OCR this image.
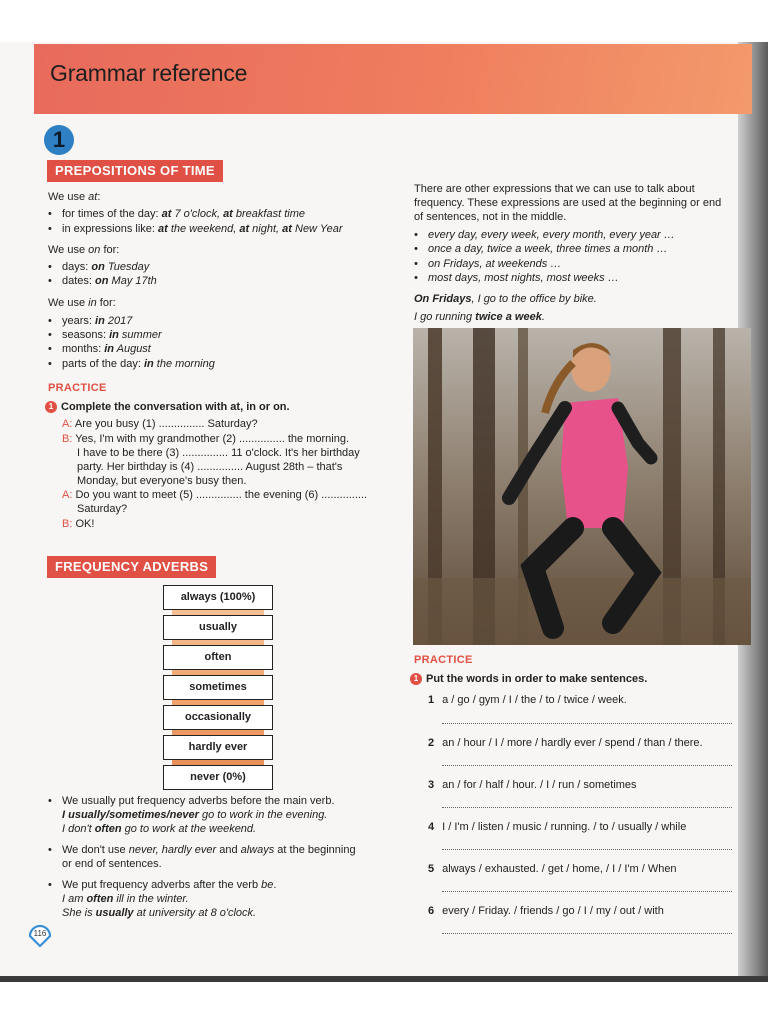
Grammar reference
1
PREPOSITIONS OF TIME
We use at:
• for times of the day: at 7 o'clock, at breakfast time
• in expressions like: at the weekend, at night, at New Year
We use on for:
• days: on Tuesday
• dates: on May 17th
We use in for:
• years: in 2017
• seasons: in summer
• months: in August
• parts of the day: in the morning
PRACTICE
1 Complete the conversation with at, in or on.
A: Are you busy (1) ............... Saturday?
B: Yes, I'm with my grandmother (2) ............... the morning.
I have to be there (3) ............... 11 o'clock. It's her birthday
party. Her birthday is (4) ............... August 28th – that's
Monday, but everyone's busy then.
A: Do you want to meet (5) ............... the evening (6) ...............
Saturday?
B: OK!
FREQUENCY ADVERBS
always (100%)
usually
often
sometimes
occasionally
hardly ever
never (0%)
• We usually put frequency adverbs before the main verb.
I usually/sometimes/never go to work in the evening.
I don't often go to work at the weekend.
• We don't use never, hardly ever and always at the beginning
or end of sentences.
• We put frequency adverbs after the verb be.
I am often ill in the winter.
She is usually at university at 8 o'clock.
116
There are other expressions that we can use to talk about
frequency. These expressions are used at the beginning or end
of sentences, not in the middle.
• every day, every week, every month, every year …
• once a day, twice a week, three times a month …
• on Fridays, at weekends …
• most days, most nights, most weeks …
On Fridays, I go to the office by bike.
I go running twice a week.
PRACTICE
1 Put the words in order to make sentences.
1 a / go / gym / I / the / to / twice / week.
2 an / hour / I / more / hardly ever / spend / than / there.
3 an / for / half / hour. / I / run / sometimes
4 I / I'm / listen / music / running. / to / usually / while
5 always / exhausted. / get / home, / I / I'm / When
6 every / Friday. / friends / go / I / my / out / with
